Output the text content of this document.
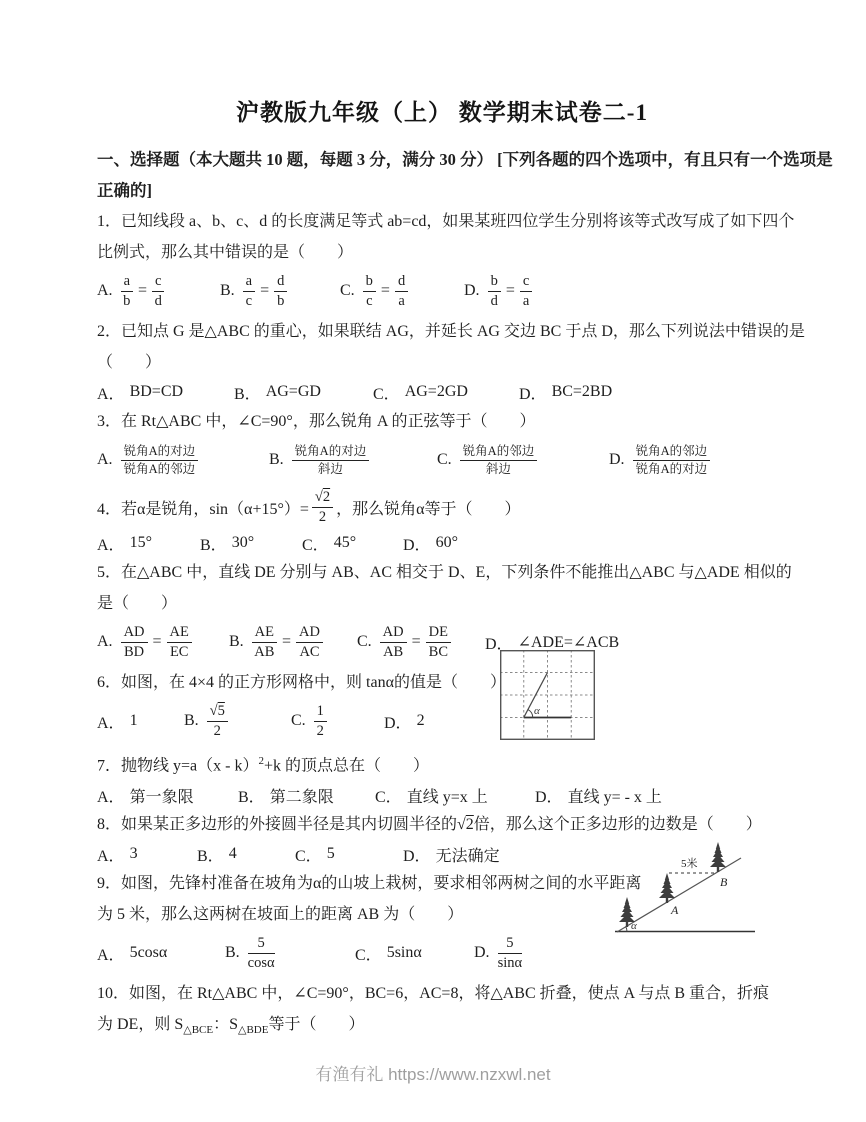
沪教版九年级（上） 数学期末试卷二-1

一、选择题（本大题共 10 题，每题 3 分，满分 30 分） [下列各题的四个选项中，有且只有一个选项是

正确的]

1．已知线段 a、b、c、d 的长度满足等式 ab=cd，如果某班四位学生分别将该等式改写成了如下四个

比例式，那么其中错误的是（　　）

A. $\frac{a}{b} = \frac{c}{d}$	B. $\frac{a}{c} = \frac{d}{b}$	C. $\frac{b}{c} = \frac{d}{a}$	D. $\frac{b}{d} = \frac{c}{a}$

2．已知点 G 是△ABC 的重心，如果联结 AG，并延长 AG 交边 BC 于点 D，那么下列说法中错误的是

（　　）

A． BD=CD	B． AG=GD	C． AG=2GD	D． BC=2BD

3．在 Rt△ABC 中，∠C=90°，那么锐角 A 的正弦等于（　　）

A. $\frac{\text{锐角A的对边}}{\text{锐角A的邻边}}$	B. $\frac{\text{锐角A的对边}}{\text{斜边}}$	C. $\frac{\text{锐角A的邻边}}{\text{斜边}}$	D. $\frac{\text{锐角A的邻边}}{\text{锐角A的对边}}$
4．若α是锐角，$\sin(\alpha+15^\circ)= \frac{√2}{2}$ ，那么锐角α等于（　　）
A． 15°	B． 30°	C． 45°	D． 60°

5．在△ABC 中，直线 DE 分别与 AB、AC 相交于 D、E，下列条件不能推出△ABC 与△ADE 相似的

是（　　）

A. $\frac{AD}{BD} = \frac{AE}{EC} B$. $\frac{AE}{AB} = \frac{AD}{AC} C$. $\frac{AD}{AB} = \frac{DE}{BC}$ D． ∠ADE=∠ACB

6．如图，在 4×4 的正方形网格中，则 tanα的值是（　　）

A． 1	B. $\frac{√5}{2}$	C. $\frac{1}{2}$	D． 2

7．抛物线 y=a（x - k）$^2$+k 的顶点总在（　　）

A． 第一象限	B． 第二象限	C． 直线 y=x 上	D． 直线 y= - x 上

8．如果某正多边形的外接圆半径是其内切圆半径的√2倍，那么这个正多边形的边数是（　　）

A． 3	B． 4	C． 5	D． 无法确定

9．如图，先锋村准备在坡角为α的山坡上栽树，要求相邻两树之间的水平距离

为 5 米，那么这两树在坡面上的距离 AB 为（　　）

A． 5cosα	B. $\frac{5}{\cos\alpha}$	C． 5sinα	D. $\frac{5}{\sin\alpha}$

10．如图，在 Rt△ABC 中，∠C=90°，BC=6，AC=8，将△ABC 折叠，使点 A 与点 B 重合，折痕

为 DE，则 $S_{\triangle BCE}$：$S_{\triangle BDE}$等于（　　）

α
5米
A
B
α
有渔有礼 https://www.nzxwl.net
